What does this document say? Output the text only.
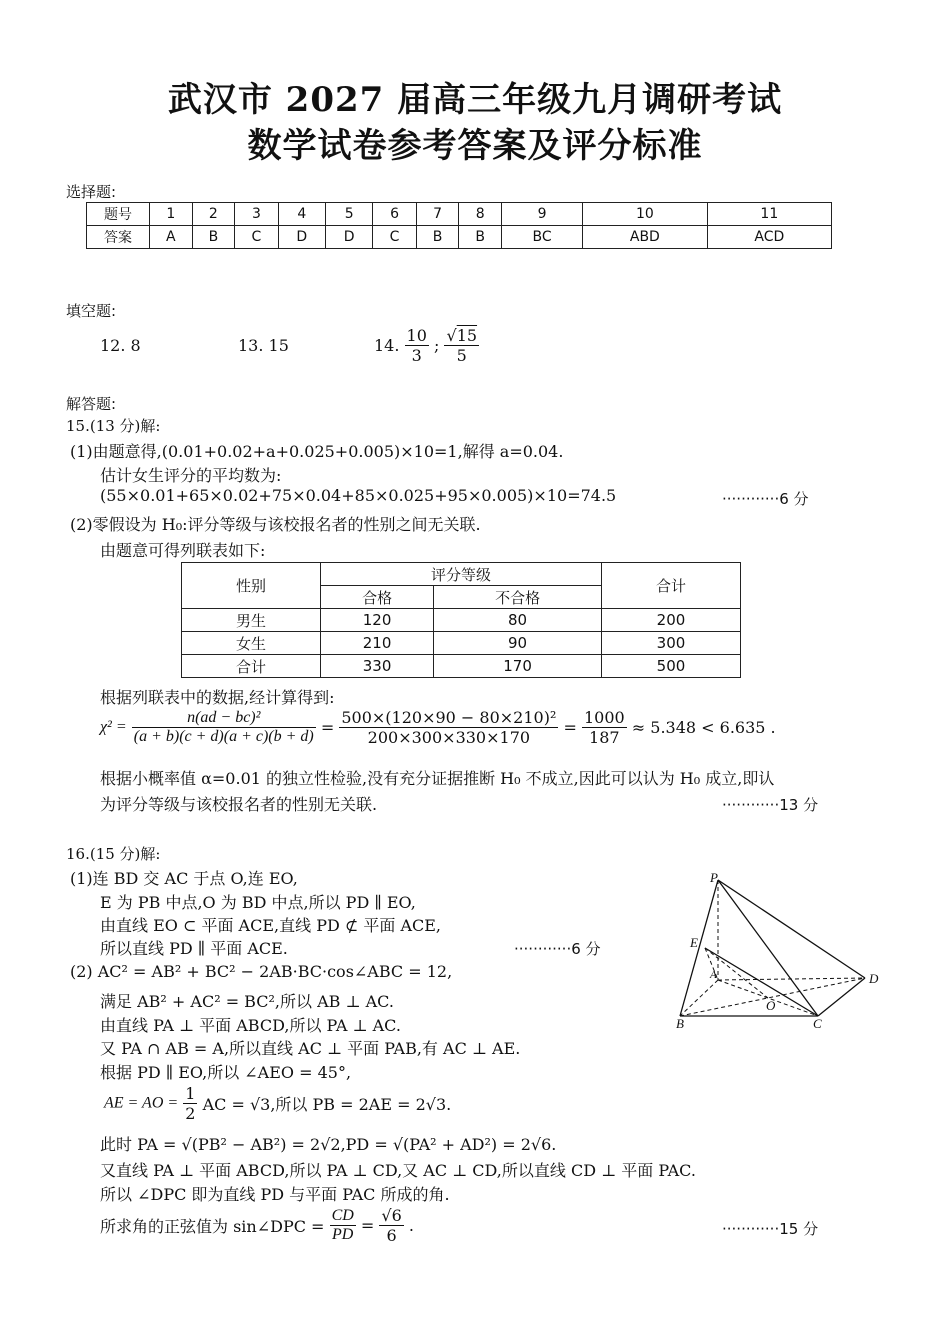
武汉市 2027 届高三年级九月调研考试
数学试卷参考答案及评分标准
选择题:
题号	1	2	3	4	5	6	7	8	9	10	11
答案	A	B	C	D	D	C	B	B	BC	ABD	ACD
填空题:
12. 8	13. 15	14. $\frac{10}{3}$ ; $\frac{√15}{5}$
解答题:
15.(13 分)解:
(1)由题意得,(0.01+0.02+a+0.025+0.005)×10=1,解得 a=0.04.
估计女生评分的平均数为:
(55×0.01+65×0.02+75×0.04+85×0.025+95×0.005)×10=74.5	············6 分
(2)零假设为 H₀:评分等级与该校报名者的性别之间无关联.
由题意可得列联表如下:
性别	评分等级		合计
	合格	不合格	
男生	120	80	200
女生	210	90	300
合计	330	170	500
根据列联表中的数据,经计算得到:
$\chi^2 = \frac{\text{n(ad − bc)²}}{(a + b)(c + d)(a + c)(b + d)} = \frac{\text{500×(120×90 − 80×210)²}}{200\times 300\times 330\times 170} = \frac{1000}{187} \approx 5.348 < 6.635$ .
根据小概率值 α=0.01 的独立性检验,没有充分证据推断 H₀ 不成立,因此可以认为 H₀ 成立,即认
为评分等级与该校报名者的性别无关联.	············13 分
16.(15 分)解:
(1)连 BD 交 AC 于点 O,连 EO,
E 为 PB 中点,O 为 BD 中点,所以 PD ∥ EO,
由直线 EO ⊂ 平面 ACE,直线 PD ⊄ 平面 ACE,
所以直线 PD ∥ 平面 ACE.	············6 分
(2) AC² = AB² + BC² − 2AB·BC·cos∠ABC = 12,
满足 AB² + AC² = BC²,所以 AB ⊥ AC.
由直线 PA ⊥ 平面 ABCD,所以 PA ⊥ AC.
又 PA ∩ AB = A,所以直线 AC ⊥ 平面 PAB,有 AC ⊥ AE.
根据 PD ∥ EO,所以 ∠AEO = 45°,
AE = AO = $\frac{1}{2}$ AC = √3,所以 PB = 2AE = 2√3.
此时 PA = √(PB² − AB²) = 2√2,PD = √(PA² + AD²) = 2√6.
又直线 PA ⊥ 平面 ABCD,所以 PA ⊥ CD,又 AC ⊥ CD,所以直线 CD ⊥ 平面 PAC.
所以 ∠DPC 即为直线 PD 与平面 PAC 所成的角.
所求角的正弦值为 sin∠DPC = $\frac{CD}{PD} = \frac{√6}{6}$ .	············15 分
P
E
A	D
O
B	C
